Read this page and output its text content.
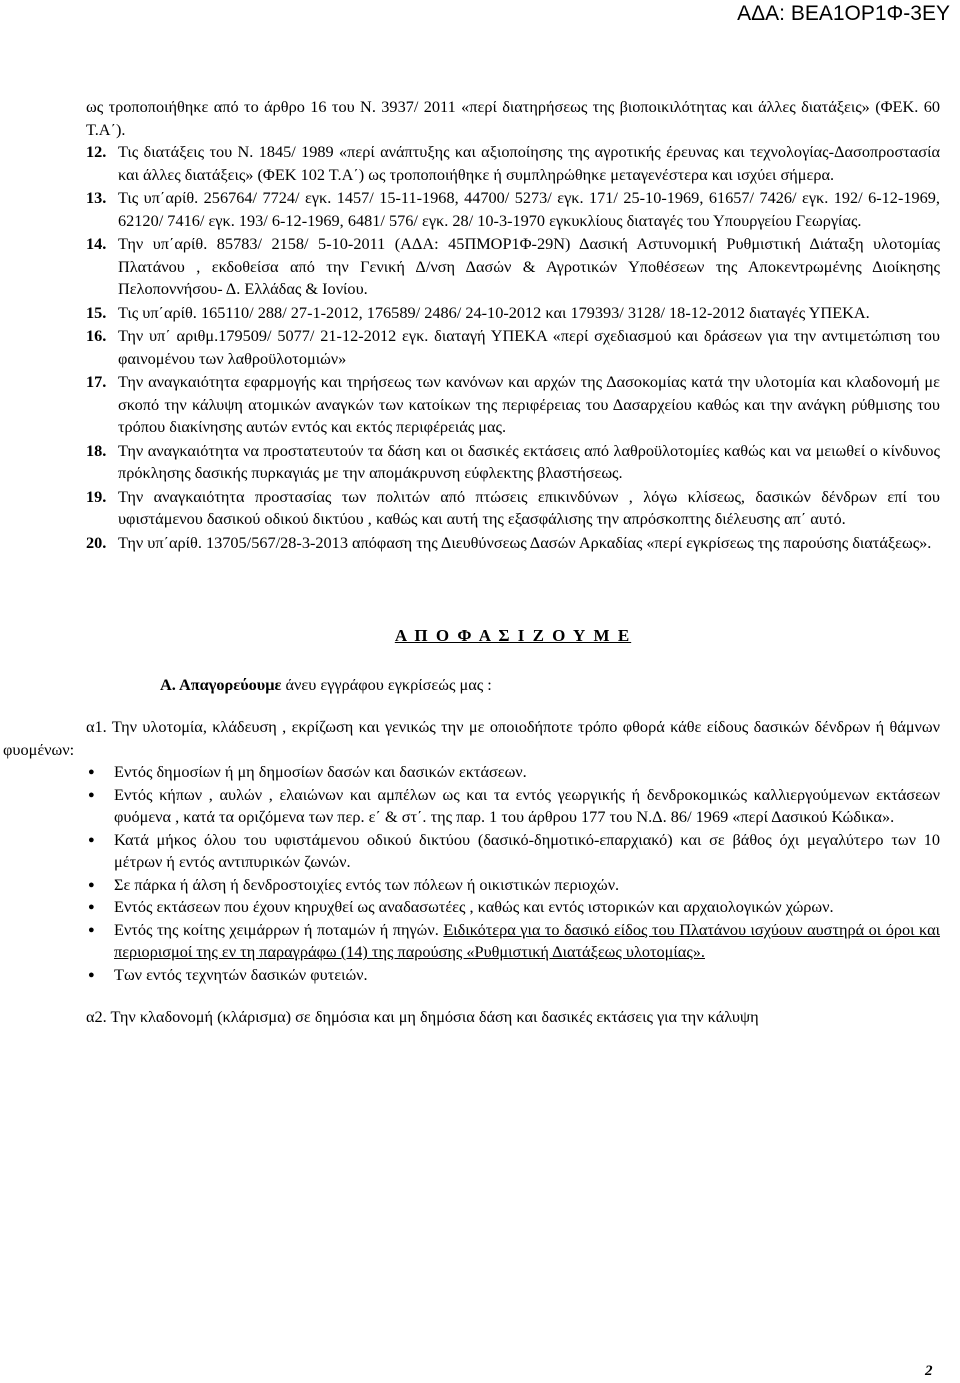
ΑΔΑ: ΒΕΑ1ΟΡ1Φ-3ΕΥ

ως τροποποιήθηκε από το άρθρο 16 του Ν. 3937/ 2011 «περί διατηρήσεως της βιοποικιλότητας και άλλες διατάξεις» (ΦΕΚ. 60 Τ.Α΄).

12. Τις διατάξεις του Ν. 1845/ 1989 «περί ανάπτυξης και αξιοποίησης της αγροτικής έρευνας και τεχνολογίας-Δασοπροστασία και άλλες διατάξεις» (ΦΕΚ 102 Τ.Α΄) ως τροποποιήθηκε ή συμπληρώθηκε μεταγενέστερα και ισχύει σήμερα.
13. Τις υπ΄αρίθ. 256764/ 7724/ εγκ. 1457/ 15-11-1968, 44700/ 5273/ εγκ. 171/ 25-10-1969, 61657/ 7426/ εγκ. 192/ 6-12-1969, 62120/ 7416/ εγκ. 193/ 6-12-1969, 6481/ 576/ εγκ. 28/ 10-3-1970 εγκυκλίους διαταγές του Υπουργείου Γεωργίας.
14. Την υπ΄αρίθ. 85783/ 2158/ 5-10-2011 (ΑΔΑ: 45ΠΜΟΡ1Φ-29Ν) Δασική Αστυνομική Ρυθμιστική Διάταξη υλοτομίας Πλατάνου , εκδοθείσα από την Γενική Δ/νση Δασών & Αγροτικών Υποθέσεων της Αποκεντρωμένης Διοίκησης Πελοποννήσου- Δ. Ελλάδας & Ιονίου.
15. Τις υπ΄αρίθ. 165110/ 288/ 27-1-2012, 176589/ 2486/ 24-10-2012 και 179393/ 3128/ 18-12-2012 διαταγές ΥΠΕΚΑ.
16. Την υπ΄ αριθμ.179509/ 5077/ 21-12-2012 εγκ. διαταγή ΥΠΕΚΑ «περί σχεδιασμού και δράσεων για την αντιμετώπιση του φαινομένου των λαθροϋλοτομιών»
17. Την αναγκαιότητα εφαρμογής και τηρήσεως των κανόνων και αρχών της Δασοκομίας κατά την υλοτομία και κλαδονομή με σκοπό την κάλυψη ατομικών αναγκών των κατοίκων της περιφέρειας του Δασαρχείου καθώς και την ανάγκη ρύθμισης του τρόπου διακίνησης αυτών εντός και εκτός περιφέρειάς μας.
18. Την αναγκαιότητα να προστατευτούν τα δάση και οι δασικές εκτάσεις από λαθροϋλοτομίες καθώς και να μειωθεί ο κίνδυνος πρόκλησης δασικής πυρκαγιάς με την απομάκρυνση εύφλεκτης βλαστήσεως.
19. Την αναγκαιότητα προστασίας των πολιτών από πτώσεις επικινδύνων , λόγω κλίσεως, δασικών δένδρων επί του υφιστάμενου δασικού οδικού δικτύου , καθώς και αυτή της εξασφάλισης την απρόσκοπτης διέλευσης απ΄ αυτό.
20. Την υπ΄αρίθ. 13705/567/28-3-2013 απόφαση της Διευθύνσεως Δασών Αρκαδίας «περί εγκρίσεως της παρούσης διατάξεως».
Α Π Ο Φ Α Σ Ι Ζ Ο Υ Μ Ε
Α. Απαγορεύουμε άνευ εγγράφου εγκρίσεώς μας :

α1. Την υλοτομία, κλάδευση , εκρίζωση και γενικώς την με οποιοδήποτε τρόπο φθορά κάθε είδους δασικών δένδρων ή θάμνων φυομένων:

● Εντός δημοσίων ή μη δημοσίων δασών και δασικών εκτάσεων.
● Εντός κήπων , αυλών , ελαιώνων και αμπέλων ως και τα εντός γεωργικής ή δενδροκομικώς καλλιεργούμενων εκτάσεων φυόμενα , κατά τα οριζόμενα των περ. ε΄ & στ΄. της παρ. 1 του άρθρου 177 του Ν.Δ. 86/ 1969 «περί Δασικού Κώδικα».
● Κατά μήκος όλου του υφιστάμενου οδικού δικτύου (δασικό-δημοτικό-επαρχιακό) και σε βάθος όχι μεγαλύτερο των 10 μέτρων ή εντός αντιπυρικών ζωνών.
● Σε πάρκα ή άλση ή δενδροστοιχίες εντός των πόλεων ή οικιστικών περιοχών.
● Εντός εκτάσεων που έχουν κηρυχθεί ως αναδασωτέες , καθώς και εντός ιστορικών και αρχαιολογικών χώρων.
● Εντός της κοίτης χειμάρρων ή ποταμών ή πηγών. Ειδικότερα για το δασικό είδος του Πλατάνου ισχύουν αυστηρά οι όροι και περιορισμοί της εν τη παραγράφω (14) της παρούσης «Ρυθμιστική Διατάξεως υλοτομίας».
● Των εντός τεχνητών δασικών φυτειών.

α2. Την κλαδονομή (κλάρισμα) σε δημόσια και μη δημόσια δάση και δασικές εκτάσεις για την κάλυψη

2
